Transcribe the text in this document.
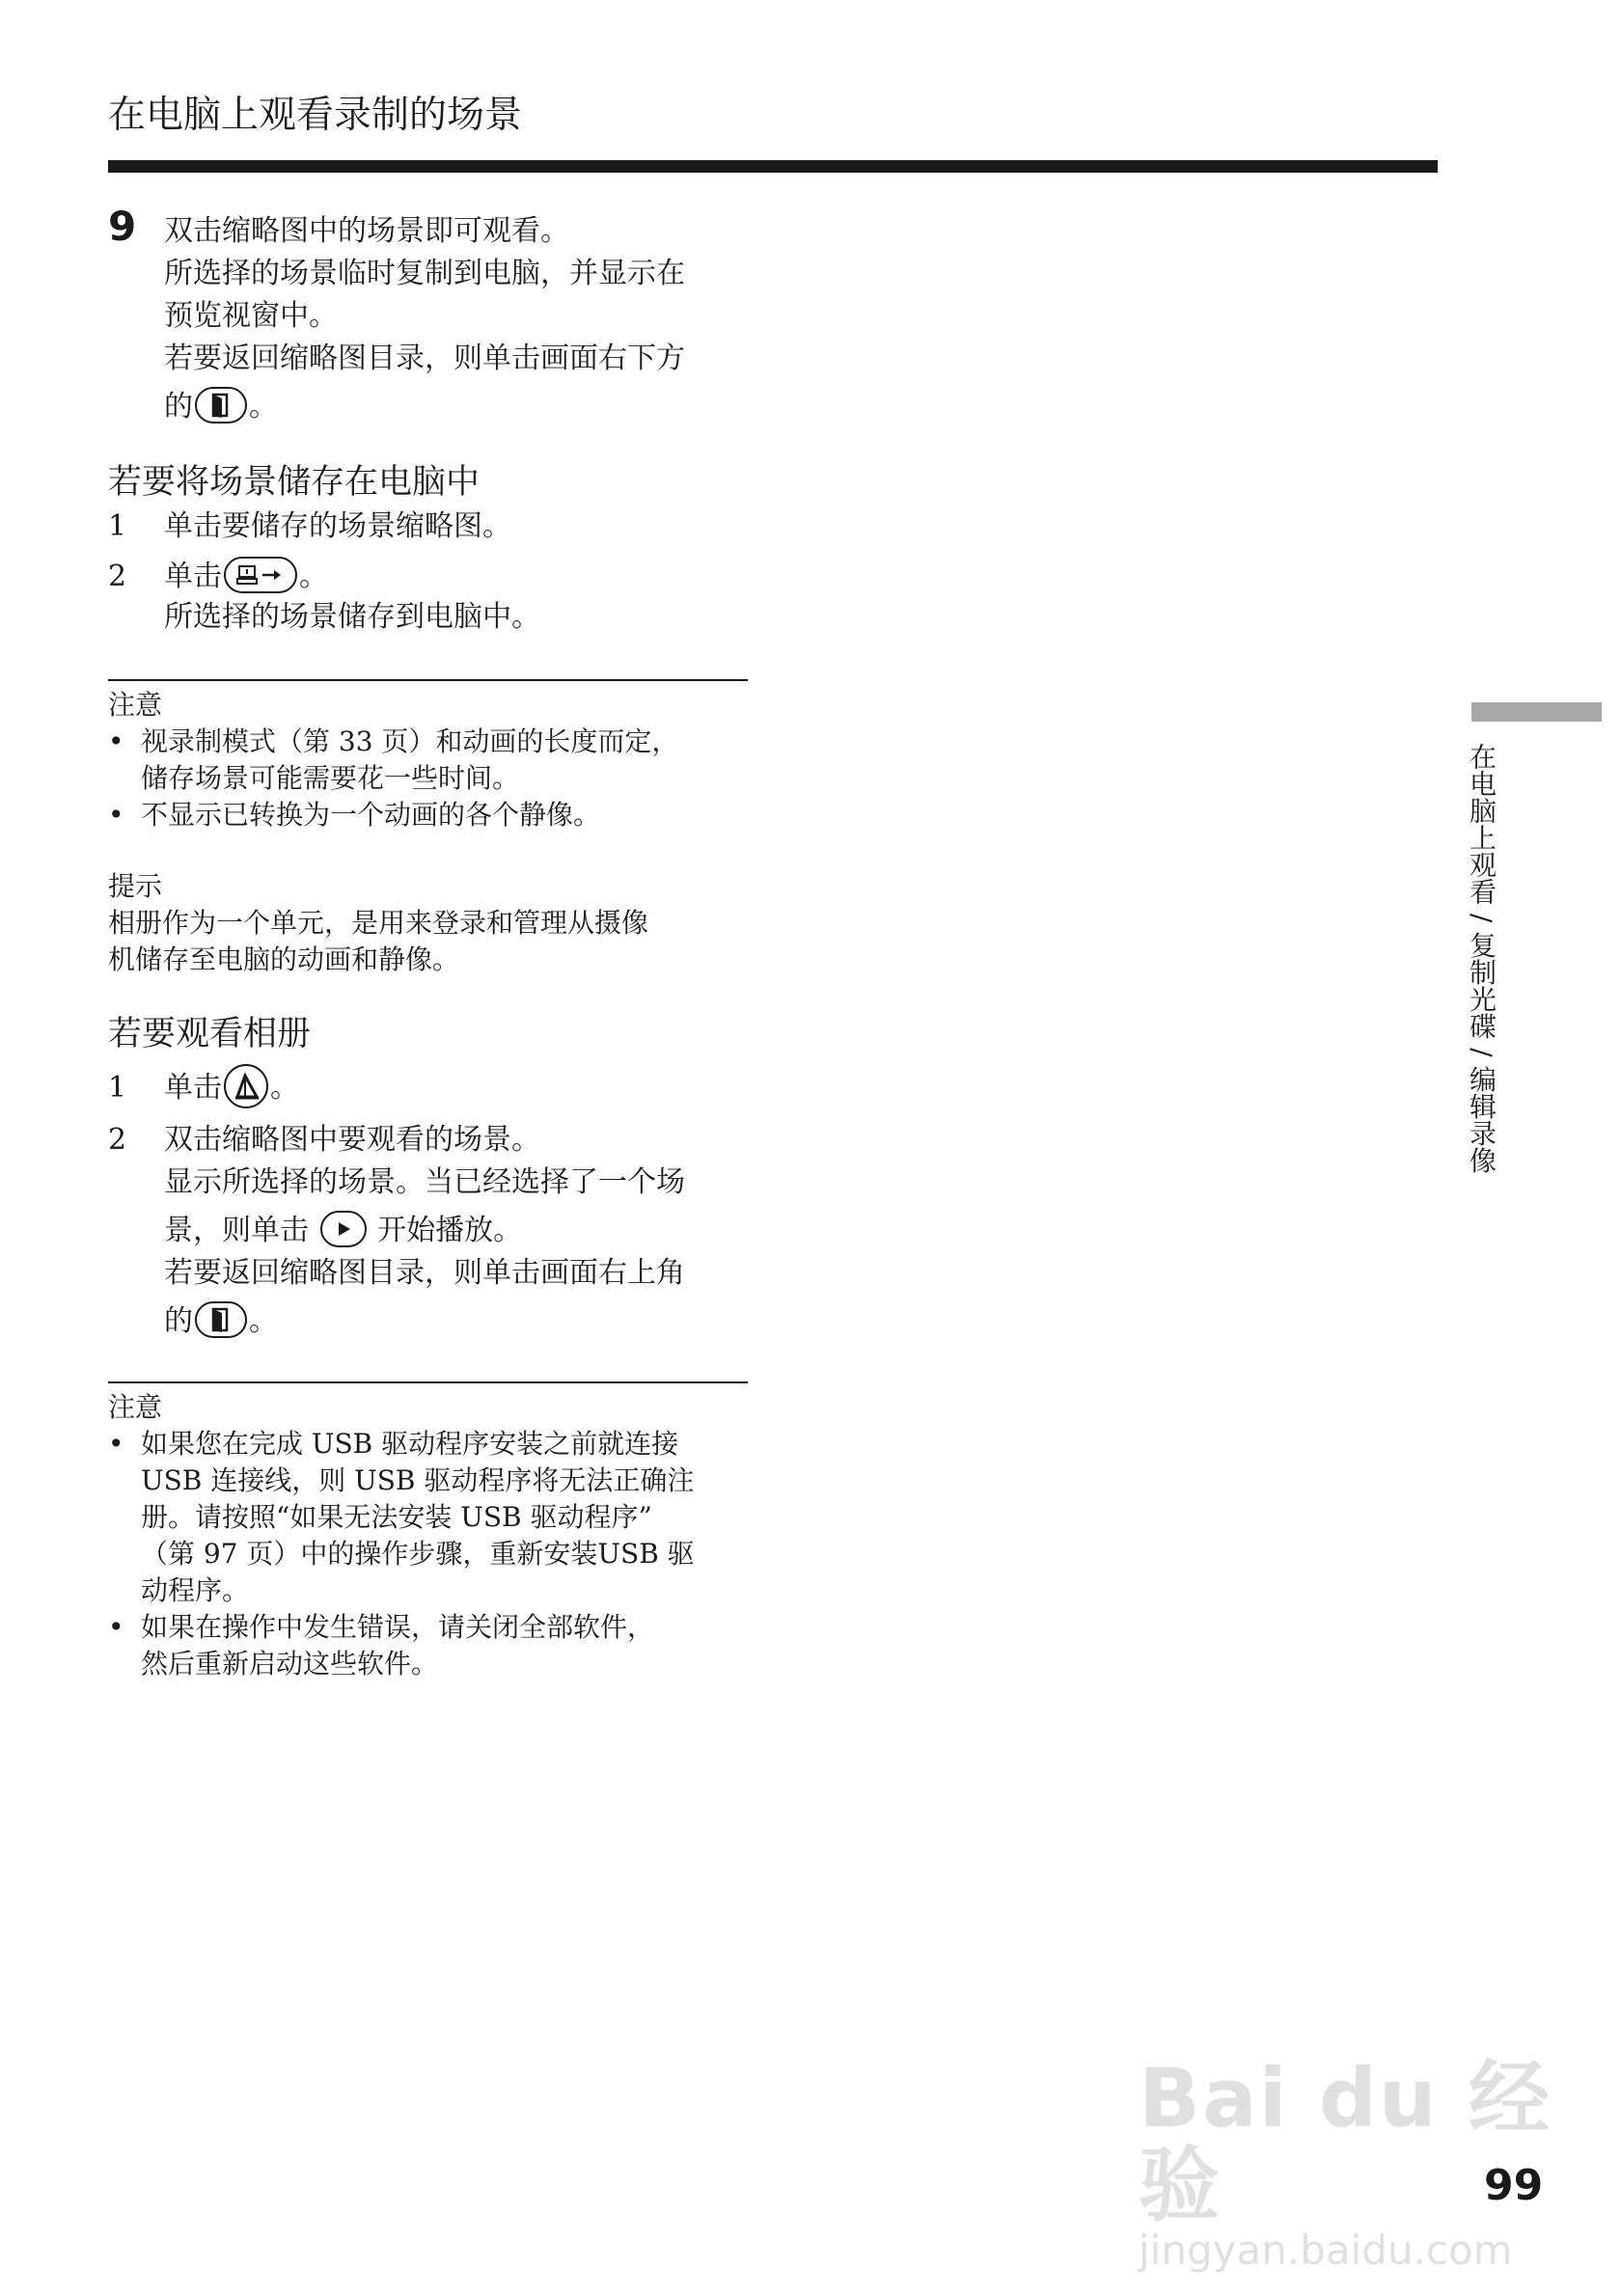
在电脑上观看录制的场景
9 双击缩略图中的场景即可观看。
所选择的场景临时复制到电脑，并显示在
预览视窗中。
若要返回缩略图目录，则单击画面右下方
的 。
若要将场景储存在电脑中
1 单击要储存的场景缩略图。
2 单击	。
所选择的场景储存到电脑中。
注意
• 视录制模式（第 33 页）和动画的长度而定，
储存场景可能需要花一些时间。
• 不显示已转换为一个动画的各个静像。
提示
相册作为一个单元，是用来登录和管理从摄像
机储存至电脑的动画和静像。
若要观看相册
1 单击 。
2 双击缩略图中要观看的场景。
显示所选择的场景。当已经选择了一个场
景，则单击 开始播放。
若要返回缩略图目录，则单击画面右上角
的 。
注意
• 如果您在完成 USB 驱动程序安装之前就连接
USB 连接线，则 USB 驱动程序将无法正确注
册。请按照“如果无法安装 USB 驱动程序”
（第 97 页）中的操作步骤，重新安装USB 驱
动程序。
• 如果在操作中发生错误，请关闭全部软件，
然后重新启动这些软件。
在电脑上观看 / 复制光碟 / 编辑录像
Bai du 经验
jingyan.baidu.com
99
